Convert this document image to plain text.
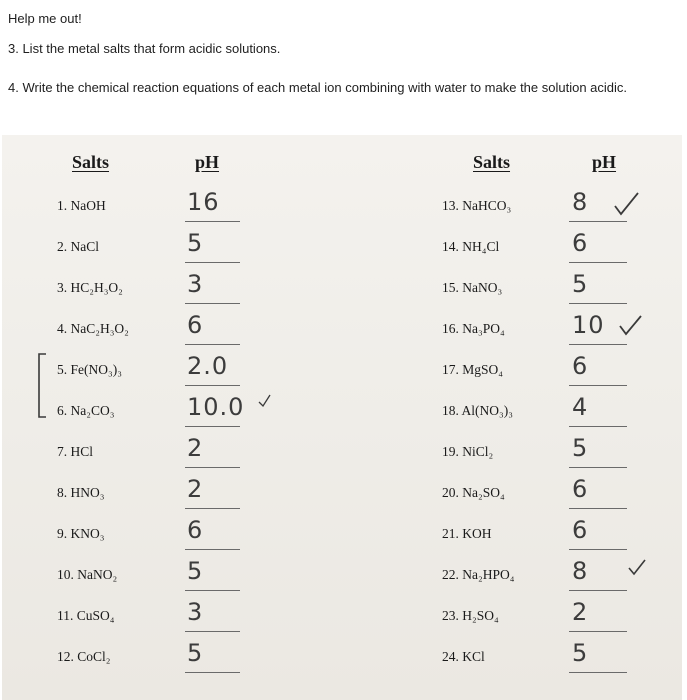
Help me out!
3. List the metal salts that form acidic solutions.
4. Write the chemical reaction equations of each metal ion combining with water to make the solution acidic.
Salts	pH	Salts	pH
1. NaOH	16
2. NaCl	5
3. HC₂H₃O₂	3
4. NaC₂H₃O₂ 6
5. Fe(NO₃)₃	2.0
6. Na₂CO₃	10.0
7. HCl	2
8. HNO₃	2
9. KNO₃	6
10. NaNO₂	5
11. CuSO₄	3
12. CoCl₂	5
13. NaHCO₃	8
14. NH₄Cl	6
15. NaNO₃	5
16. Na₃PO₄	10
17. MgSO₄	6
18. Al(NO₃)₃ 4
19. NiCl₂	5
20. Na₂SO₄	6
21. KOH	6
22. Na₂HPO₄ 8
23. H₂SO₄	2
24. KCl	5
